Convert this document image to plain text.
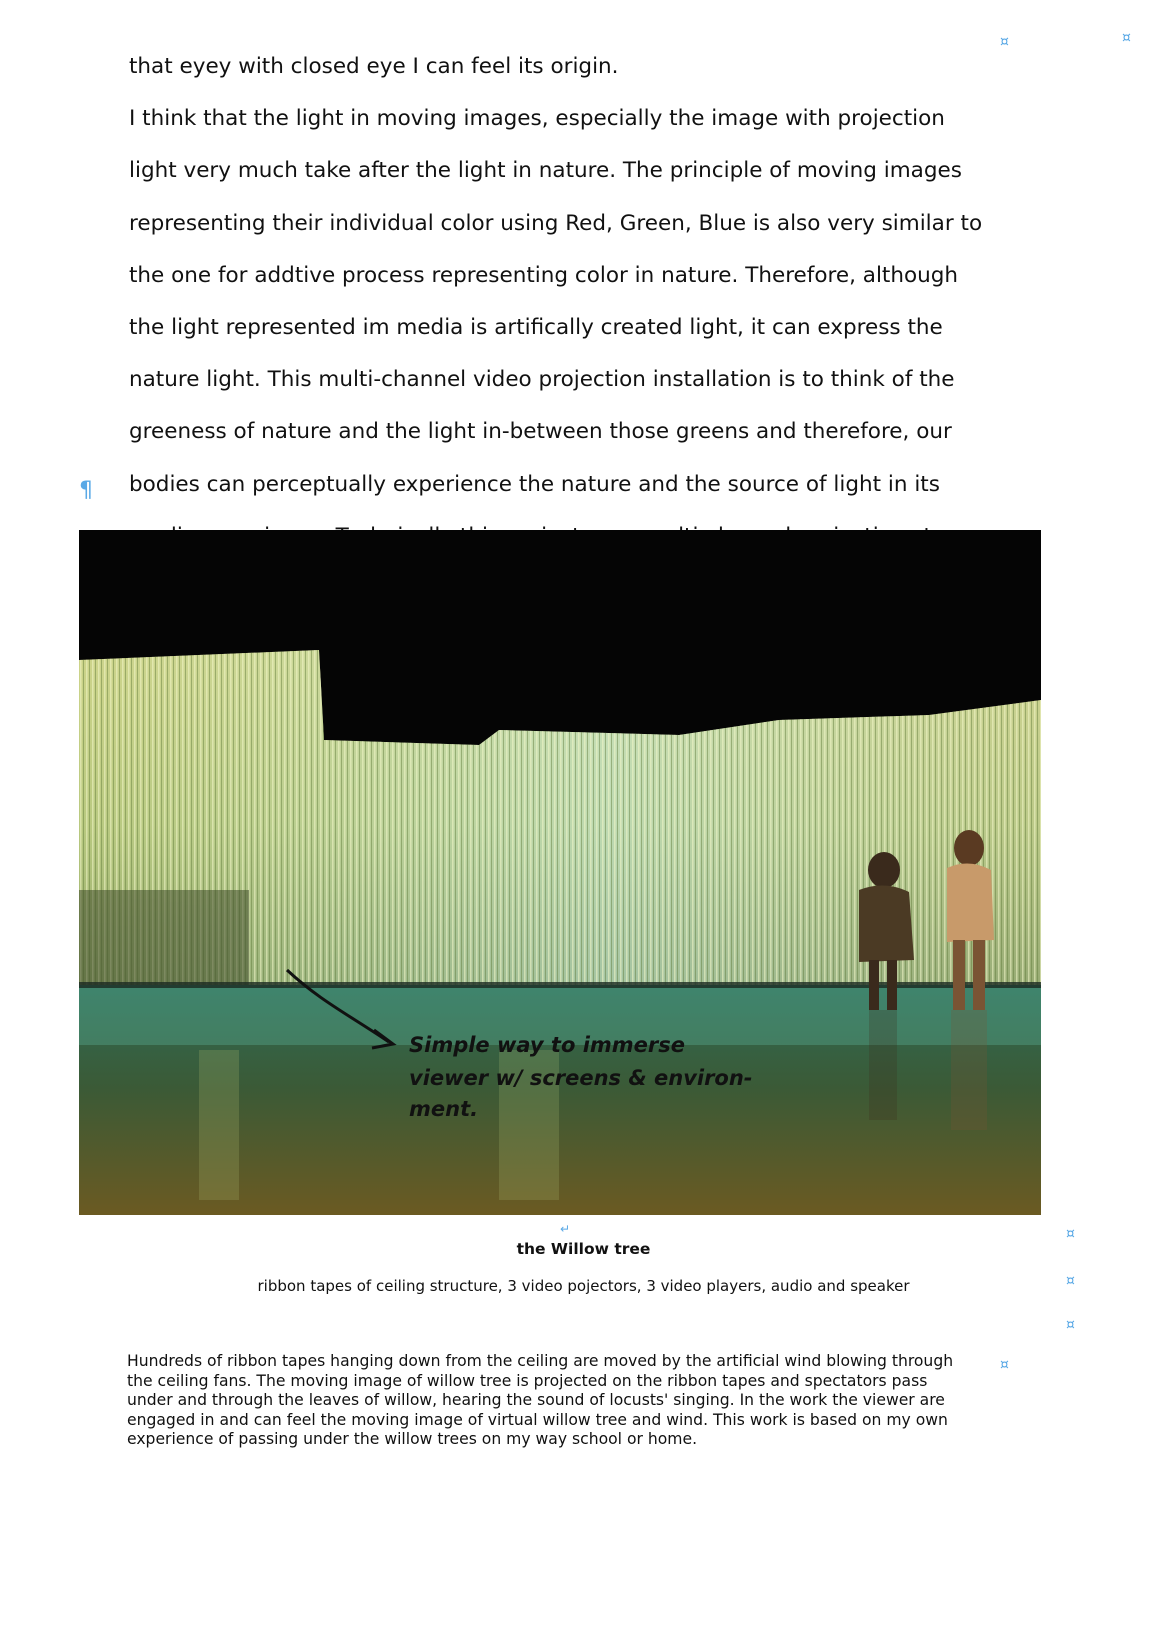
that eyey with closed eye I can feel its origin.

I think that the light in moving images, especially the image with projection

light very much take after the light in nature. The principle of moving images

representing their individual color using Red, Green, Blue is also very similar to

the one for addtive process representing color in nature. Therefore, although

the light represented im media is artifically created light, it can express the

nature light. This multi-channel video projection installation is to think of the

greeness of nature and the light in-between those greens and therefore, our

bodies can perceptually experience the nature and the source of light in its

¶
¤	¤
¤
¤
¤
¤
↵
Simple way to immerse
viewer w/ screens & environ-
ment.
the Willow tree
ribbon tapes of ceiling structure, 3 video pojectors, 3 video players, audio and speaker
Hundreds of ribbon tapes hanging down from the ceiling are moved by the artificial wind blowing through
the ceiling fans. The moving image of willow tree is projected on the ribbon tapes and spectators pass
under and through the leaves of willow, hearing the sound of locusts' singing. In the work the viewer are
engaged in and can feel the moving image of virtual willow tree and wind. This work is based on my own
experience of passing under the willow trees on my way school or home.
